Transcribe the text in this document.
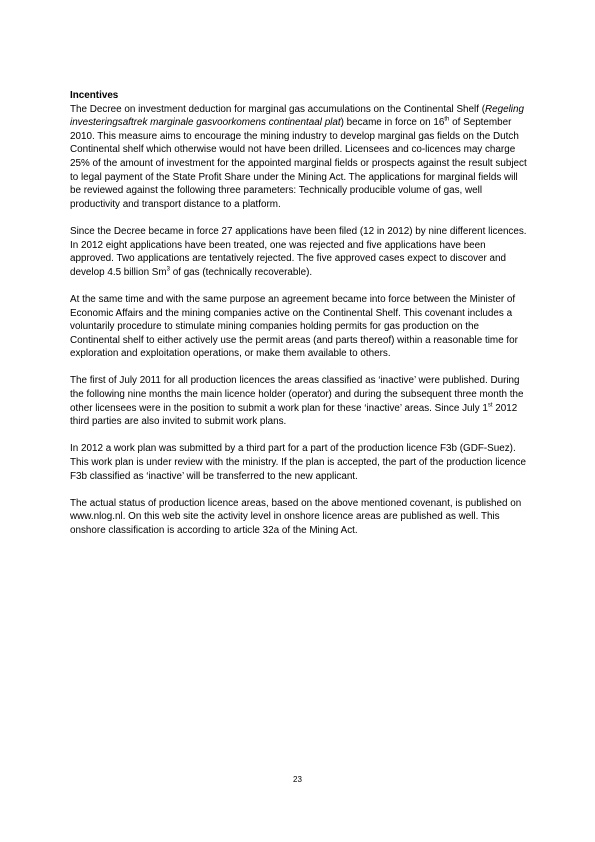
Incentives

The Decree on investment deduction for marginal gas accumulations on the Continental Shelf (Regeling investeringsaftrek marginale gasvoorkomens continentaal plat) became in force on 16th of September 2010. This measure aims to encourage the mining industry to develop marginal gas fields on the Dutch Continental shelf which otherwise would not have been drilled. Licensees and co-licences may charge 25% of the amount of investment for the appointed marginal fields or prospects against the result subject to legal payment of the State Profit Share under the Mining Act. The applications for marginal fields will be reviewed against the following three parameters: Technically producible volume of gas, well productivity and transport distance to a platform.

Since the Decree became in force 27 applications have been filed (12 in 2012) by nine different licences. In 2012 eight applications have been treated, one was rejected and five applications have been approved. Two applications are tentatively rejected. The five approved cases expect to discover and develop 4.5 billion Sm$^3$ of gas (technically recoverable).

At the same time and with the same purpose an agreement became into force between the Minister of Economic Affairs and the mining companies active on the Continental Shelf. This covenant includes a voluntarily procedure to stimulate mining companies holding permits for gas production on the Continental shelf to either actively use the permit areas (and parts thereof) within a reasonable time for exploration and exploitation operations, or make them available to others.

The first of July 2011 for all production licences the areas classified as ‘inactive’ were published. During the following nine months the main licence holder (operator) and during the subsequent three month the other licensees were in the position to submit a work plan for these ‘inactive’ areas. Since July 1st 2012 third parties are also invited to submit work plans.

In 2012 a work plan was submitted by a third part for a part of the production licence F3b (GDF-Suez). This work plan is under review with the ministry. If the plan is accepted, the part of the production licence F3b classified as ‘inactive’ will be transferred to the new applicant.

The actual status of production licence areas, based on the above mentioned covenant, is published on www.nlog.nl. On this web site the activity level in onshore licence areas are published as well. This onshore classification is according to article 32a of the Mining Act.

23
